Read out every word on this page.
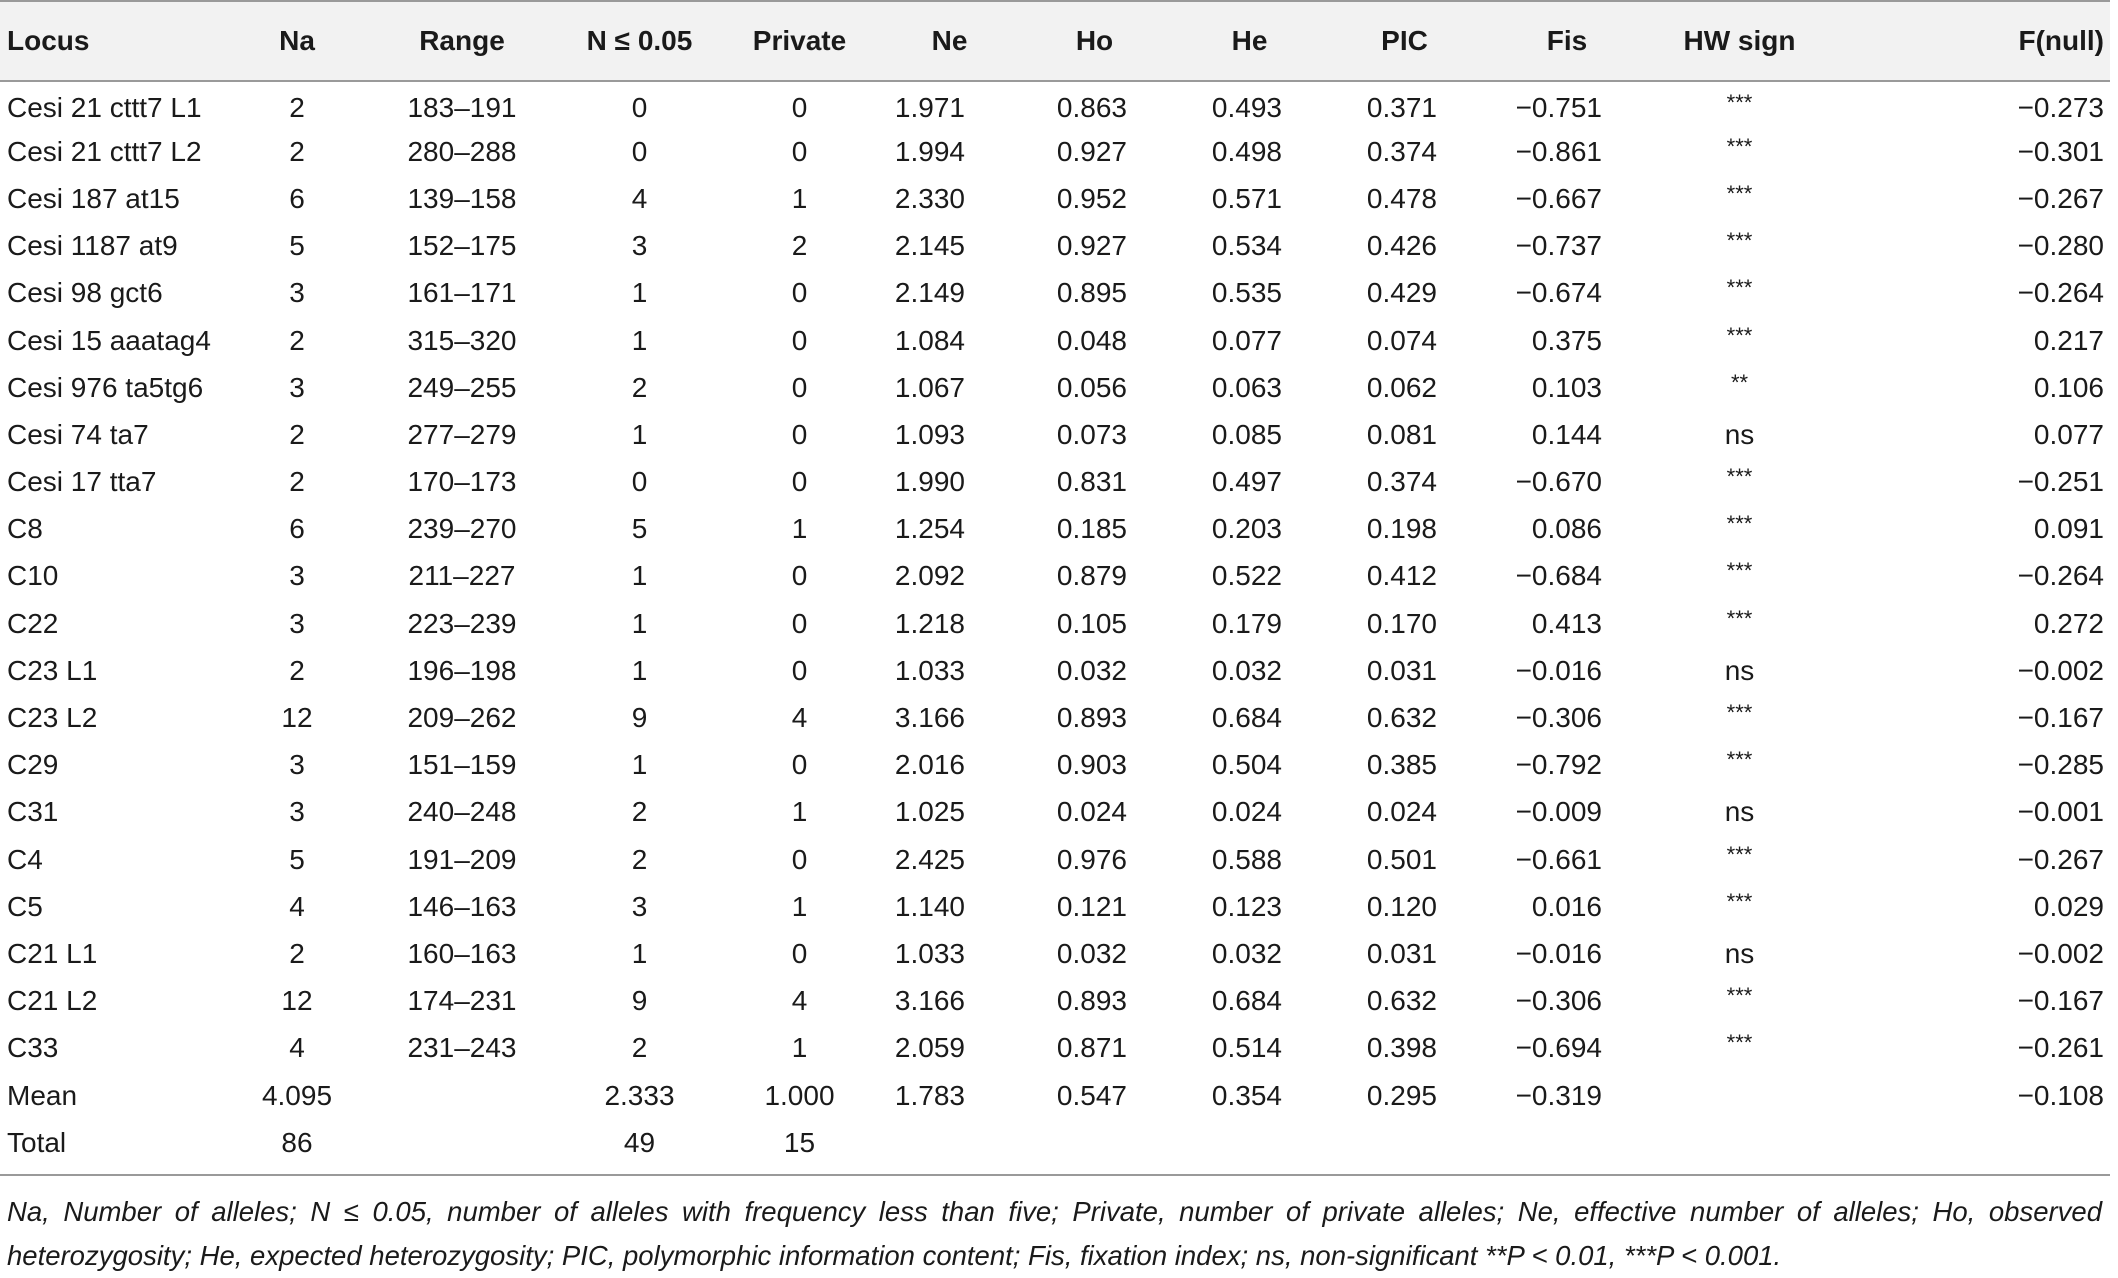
Locus	Na	Range	N ≤ 0.05	Private	Ne	Ho	He	PIC	Fis	HW sign	F(null)
Cesi 21 cttt7 L1	2	183–191	0	0	1.971	0.863	0.493	0.371	−0.751	***	−0.273
Cesi 21 cttt7 L2	2	280–288	0	0	1.994	0.927	0.498	0.374	−0.861	***	−0.301
Cesi 187 at15	6	139–158	4	1	2.330	0.952	0.571	0.478	−0.667	***	−0.267
Cesi 1187 at9	5	152–175	3	2	2.145	0.927	0.534	0.426	−0.737	***	−0.280
Cesi 98 gct6	3	161–171	1	0	2.149	0.895	0.535	0.429	−0.674	***	−0.264
Cesi 15 aaatag4	2	315–320	1	0	1.084	0.048	0.077	0.074	0.375	***	0.217
Cesi 976 ta5tg6	3	249–255	2	0	1.067	0.056	0.063	0.062	0.103	**	0.106
Cesi 74 ta7	2	277–279	1	0	1.093	0.073	0.085	0.081	0.144	ns	0.077
Cesi 17 tta7	2	170–173	0	0	1.990	0.831	0.497	0.374	−0.670	***	−0.251
C8	6	239–270	5	1	1.254	0.185	0.203	0.198	0.086	***	0.091
C10	3	211–227	1	0	2.092	0.879	0.522	0.412	−0.684	***	−0.264
C22	3	223–239	1	0	1.218	0.105	0.179	0.170	0.413	***	0.272
C23 L1	2	196–198	1	0	1.033	0.032	0.032	0.031	−0.016	ns	−0.002
C23 L2	12	209–262	9	4	3.166	0.893	0.684	0.632	−0.306	***	−0.167
C29	3	151–159	1	0	2.016	0.903	0.504	0.385	−0.792	***	−0.285
C31	3	240–248	2	1	1.025	0.024	0.024	0.024	−0.009	ns	−0.001
C4	5	191–209	2	0	2.425	0.976	0.588	0.501	−0.661	***	−0.267
C5	4	146–163	3	1	1.140	0.121	0.123	0.120	0.016	***	0.029
C21 L1	2	160–163	1	0	1.033	0.032	0.032	0.031	−0.016	ns	−0.002
C21 L2	12	174–231	9	4	3.166	0.893	0.684	0.632	−0.306	***	−0.167
C33	4	231–243	2	1	2.059	0.871	0.514	0.398	−0.694	***	−0.261
Mean	4.095		2.333	1.000	1.783	0.547	0.354	0.295	−0.319		−0.108
Total	86		49	15							
Na, Number of alleles; N ≤ 0.05, number of alleles with frequency less than five; Private, number of private alleles; Ne, effective number of alleles; Ho, observed heterozygosity; He, expected heterozygosity; PIC, polymorphic information content; Fis, fixation index; ns, non-significant **P < 0.01, ***P < 0.001.
